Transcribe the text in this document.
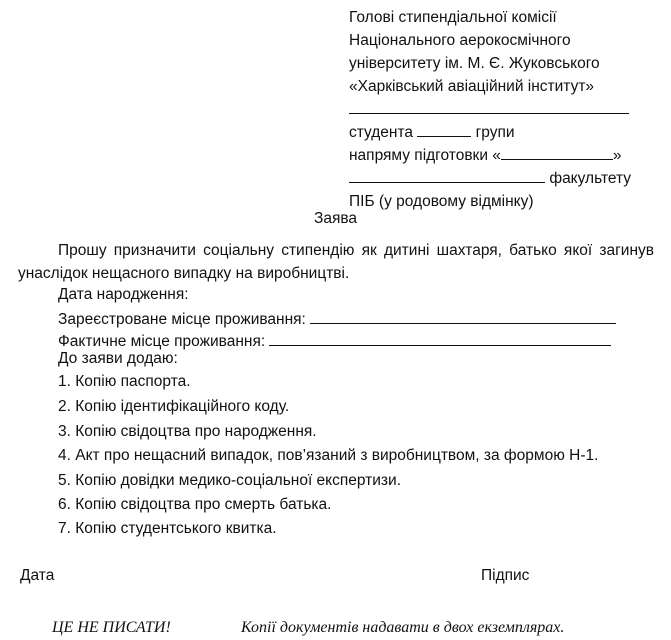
Голові стипендіальної комісії
Національного аерокосмічного
університету ім. М. Є. Жуковського
«Харківський авіаційний інститут»
студента	групи
напряму підготовки «	»
факультету
ПІБ (у родовому відмінку)
Заява
Прошу призначити соціальну стипендію як дитині шахтаря, батько якої загинув унаслідок нещасного випадку на виробництві.
Дата народження:
Зареєстроване місце проживання:
Фактичне місце проживання:
До заяви додаю:
1. Копію паспорта.
2. Копію ідентифікаційного коду.
3. Копію свідоцтва про народження.
4. Акт про нещасний випадок, пов’язаний з виробництвом, за формою Н-1.
5. Копію довідки медико-соціальної експертизи.
6. Копію свідоцтва про смерть батька.
7. Копію студентського квитка.
Дата	Підпис
ЦЕ НЕ ПИСАТИ!	Копії документів надавати в двох екземплярах.
